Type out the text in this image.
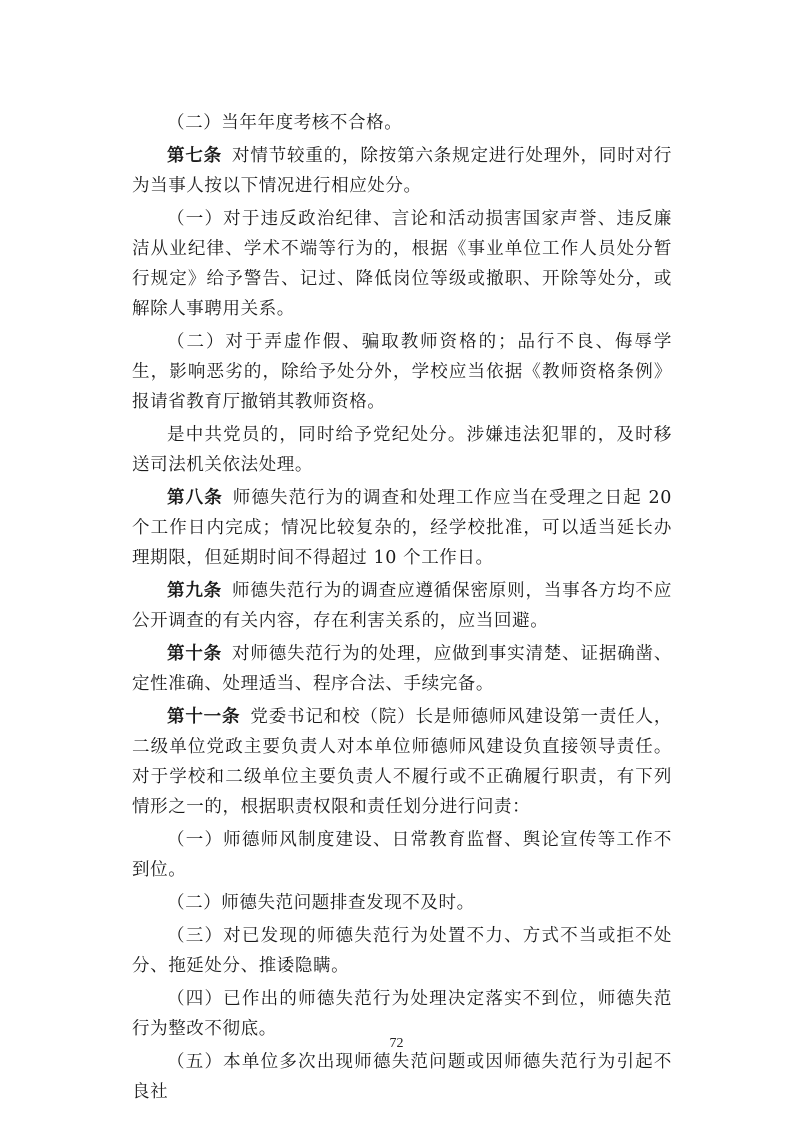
（二）当年年度考核不合格。

第七条 对情节较重的，除按第六条规定进行处理外，同时对行为当事人按以下情况进行相应处分。

（一）对于违反政治纪律、言论和活动损害国家声誉、违反廉洁从业纪律、学术不端等行为的，根据《事业单位工作人员处分暂行规定》给予警告、记过、降低岗位等级或撤职、开除等处分，或解除人事聘用关系。

（二）对于弄虚作假、骗取教师资格的；品行不良、侮辱学生，影响恶劣的，除给予处分外，学校应当依据《教师资格条例》报请省教育厅撤销其教师资格。

是中共党员的，同时给予党纪处分。涉嫌违法犯罪的，及时移送司法机关依法处理。

第八条 师德失范行为的调查和处理工作应当在受理之日起 20 个工作日内完成；情况比较复杂的，经学校批准，可以适当延长办理期限，但延期时间不得超过 10 个工作日。

第九条 师德失范行为的调查应遵循保密原则，当事各方均不应公开调查的有关内容，存在利害关系的，应当回避。

第十条 对师德失范行为的处理，应做到事实清楚、证据确凿、定性准确、处理适当、程序合法、手续完备。

第十一条 党委书记和校（院）长是师德师风建设第一责任人，二级单位党政主要负责人对本单位师德师风建设负直接领导责任。对于学校和二级单位主要负责人不履行或不正确履行职责，有下列情形之一的，根据职责权限和责任划分进行问责：

（一）师德师风制度建设、日常教育监督、舆论宣传等工作不到位。

（二）师德失范问题排查发现不及时。

（三）对已发现的师德失范行为处置不力、方式不当或拒不处分、拖延处分、推诿隐瞒。

（四）已作出的师德失范行为处理决定落实不到位，师德失范行为整改不彻底。

（五）本单位多次出现师德失范问题或因师德失范行为引起不良社

72
